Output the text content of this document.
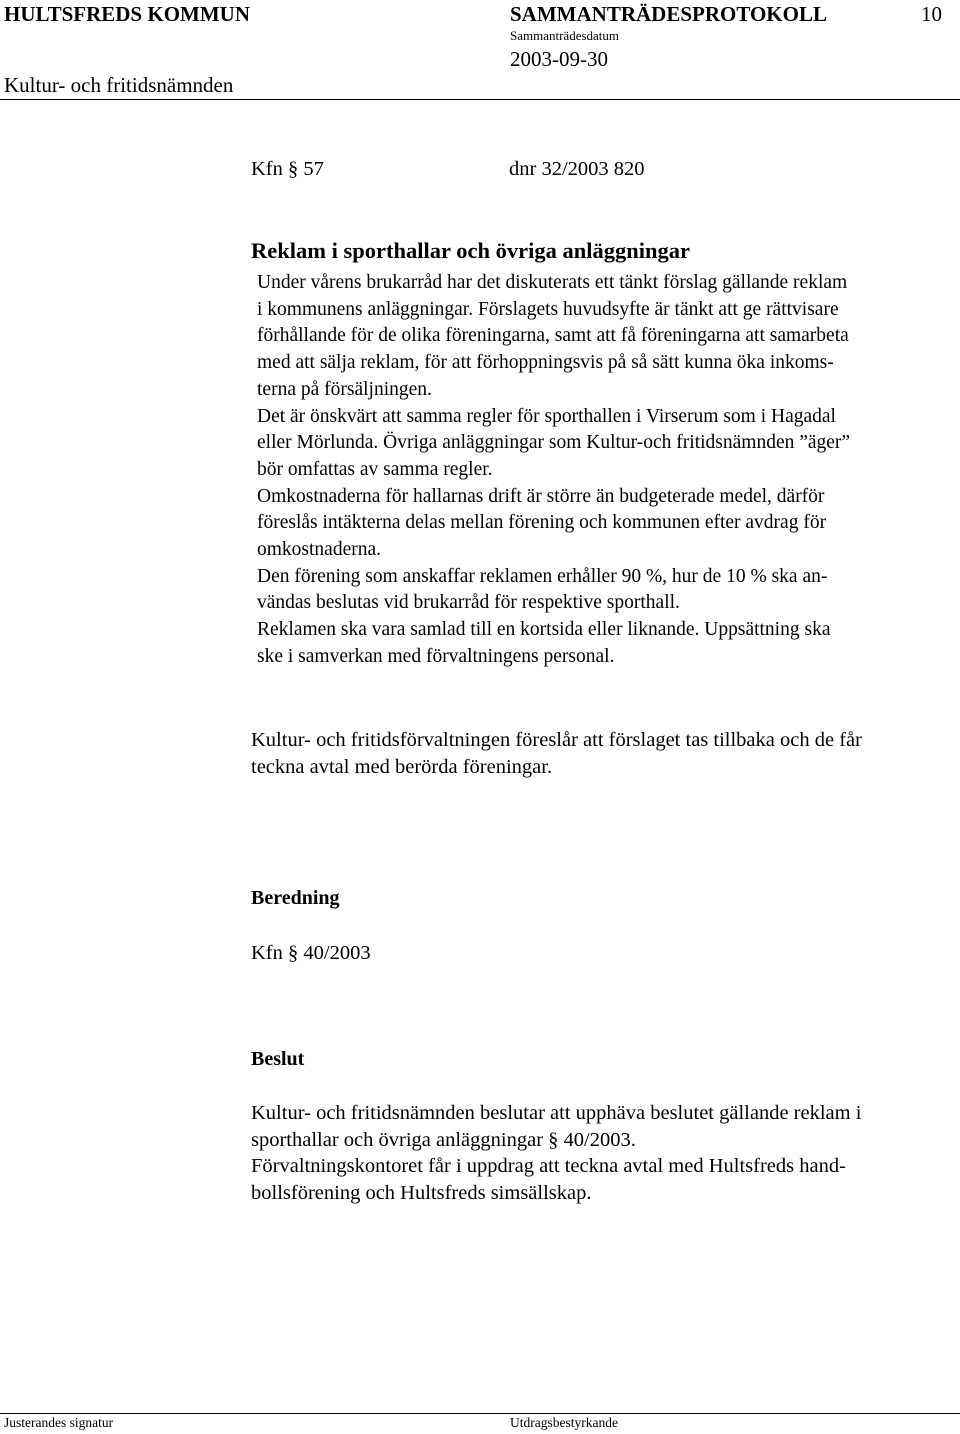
HULTSFREDS KOMMUN	SAMMANTRÄDESPROTOKOLL	10
Sammanträdesdatum
2003-09-30
Kultur- och fritidsnämnden
Kfn § 57	dnr 32/2003 820
Reklam i sporthallar och övriga anläggningar
Under vårens brukarråd har det diskuterats ett tänkt förslag gällande reklam
i kommunens anläggningar. Förslagets huvudsyfte är tänkt att ge rättvisare
förhållande för de olika föreningarna, samt att få föreningarna att samarbeta
med att sälja reklam, för att förhoppningsvis på så sätt kunna öka inkoms-
terna på försäljningen.
Det är önskvärt att samma regler för sporthallen i Virserum som i Hagadal
eller Mörlunda. Övriga anläggningar som Kultur-och fritidsnämnden ”äger”
bör omfattas av samma regler.
Omkostnaderna för hallarnas drift är större än budgeterade medel, därför
föreslås intäkterna delas mellan förening och kommunen efter avdrag för
omkostnaderna.
Den förening som anskaffar reklamen erhåller 90 %, hur de 10 % ska an-
vändas beslutas vid brukarråd för respektive sporthall.
Reklamen ska vara samlad till en kortsida eller liknande. Uppsättning ska
ske i samverkan med förvaltningens personal.
Kultur- och fritidsförvaltningen föreslår att förslaget tas tillbaka och de får
teckna avtal med berörda föreningar.
Beredning
Kfn § 40/2003
Beslut
Kultur- och fritidsnämnden beslutar att upphäva beslutet gällande reklam i
sporthallar och övriga anläggningar § 40/2003.
Förvaltningskontoret får i uppdrag att teckna avtal med Hultsfreds hand-
bollsförening och Hultsfreds simsällskap.
Justerandes signatur	Utdragsbestyrkande
